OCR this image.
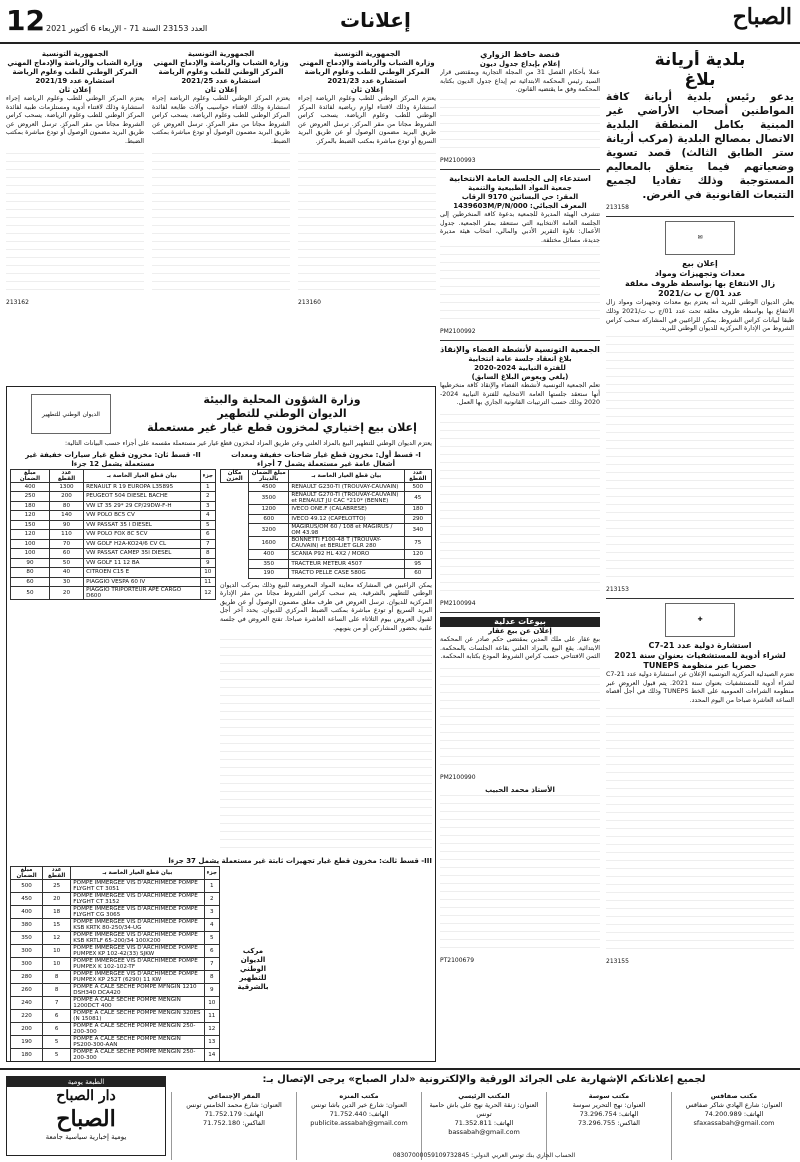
12 العدد 23153 السنة 71 - الإربعاء 6 أكتوبر 2021	إعلانات	الصباح
بلدية أريانة
بلاغ
يدعو رئيس بلدية أريانة كافة المواطنين أصحاب الأراضي غير المبنية بكامل المنطقة البلدية الاتصال بمصالح البلدية (مركب أريانة ستر الطابق الثالث) قصد تسوية وضعياتهم فيما يتعلق بالمعاليم المستوجبة وذلك تفاديا لجميع التتبعات القانونية في الغرض.
213158
✉
إعلان بيع
معدات وتجهيزات ومواد
زال الانتفاع بها بواسطة ظروف مغلقة
عدد 01/ج ب ت/2021
يعلن الديوان الوطني للبريد أنه يعتزم بيع معدات وتجهيزات ومواد زال الانتفاع بها بواسطة ظروف مغلقة تحت عدد 01/ج ب ت/2021 وذلك طبقا لبيانات كراس الشروط. يمكن للراغبين في المشاركة سحب كراس الشروط من الإدارة المركزية للديوان الوطني للبريد.
213153
✚
استشارة دولية عدد 21-C7
لشراء أدوية للمستشفيات بعنوان سنة 2021
حصريا عبر منظومة TUNEPS
تعتزم الصيدلية المركزية التونسية الإعلان عن استشارة دولية عدد 21-C7 لشراء أدوية للمستشفيات بعنوان سنة 2021. يتم قبول العروض عبر منظومة الشراءات العمومية على الخط TUNEPS وذلك في أجل أقصاه الساعة العاشرة صباحا من اليوم المحدد.
213155
قنصة حافظ الزواري
إعلام بإيداع جدول ديون
عملا بأحكام الفصل 31 من المجلة التجارية وبمقتضى قرار السيد رئيس المحكمة الابتدائية تم إيداع جدول الديون بكتابة المحكمة وفق ما يقتضيه القانون.
PM2100993
استدعاء إلى الجلسة العامة الانتخابية
جمعية المواد الطبيعية والتنمية
المقر: حي البساتين 9170 الرقاب
المعرف الجبائي: 1439603M/P/N/000
تتشرف الهيئة المديرة للجمعية بدعوة كافة المنخرطين إلى الجلسة العامة الانتخابية التي ستنعقد بمقر الجمعية. جدول الأعمال: تلاوة التقرير الأدبي والمالي، انتخاب هيئة مديرة جديدة، مسائل مختلفة.
PM2100992
الجمعية التونسية لأنشطة الفضاء والإنقاذ
بلاغ انعقاد جلسة عامة انتخابية
للفترة النيابية 2024-2020
(يلغي ويعوض البلاغ السابق)
تعلم الجمعية التونسية لأنشطة الفضاء والإنقاذ كافة منخرطيها أنها ستعقد جلستها العامة الانتخابية للفترة النيابية 2024-2020 وذلك حسب الترتيبات القانونية الجاري بها العمل.
PM2100994
بيوعات عدلية
إعلان عن بيع عقار
بيع عقار على ملك المدين بمقتضى حكم صادر عن المحكمة الابتدائية. يقع البيع بالمزاد العلني بقاعة الجلسات بالمحكمة. الثمن الافتتاحي حسب كراس الشروط المودع بكتابة المحكمة.
PM2100990
الأستاذ محمد الحبيب
PT2100679
الجمهورية التونسية
وزارة الشباب والرياضة والإدماج المهني
المركز الوطني للطب وعلوم الرياضة
استشارة عدد 2021/23
إعلان ثان
يعتزم المركز الوطني للطب وعلوم الرياضة إجراء استشارة وذلك لاقتناء لوازم رياضية لفائدة المركز الوطني للطب وعلوم الرياضة. يسحب كراس الشروط مجانا من مقر المركز. ترسل العروض عن طريق البريد مضمون الوصول أو عن طريق البريد السريع أو تودع مباشرة بمكتب الضبط بالمركز.
213160
الجمهورية التونسية
وزارة الشباب والرياضة والإدماج المهني
المركز الوطني للطب وعلوم الرياضة
استشارة عدد 2021/25
إعلان ثان
يعتزم المركز الوطني للطب وعلوم الرياضة إجراء استشارة وذلك لاقتناء حواسيب وآلات طابعة لفائدة المركز الوطني للطب وعلوم الرياضة. يسحب كراس الشروط مجانا من مقر المركز. ترسل العروض عن طريق البريد مضمون الوصول أو تودع مباشرة بمكتب الضبط.
الجمهورية التونسية
وزارة الشباب والرياضة والإدماج المهني
المركز الوطني للطب وعلوم الرياضة
استشارة عدد 2021/19
إعلان ثان
يعتزم المركز الوطني للطب وعلوم الرياضة إجراء استشارة وذلك لاقتناء أدوية ومستلزمات طبية لفائدة المركز الوطني للطب وعلوم الرياضة. يسحب كراس الشروط مجانا من مقر المركز. ترسل العروض عن طريق البريد مضمون الوصول أو تودع مباشرة بمكتب الضبط.
213162
وزارة الشؤون المحلية والبيئة
الديوان الوطني للتطهير
إعلان بيع إختياري لمخزون قطع غيار غير مستعملة
الديوان الوطني للتطهير
يعتزم الديوان الوطني للتطهير البيع بالمزاد العلني وعن طريق المزاد لمخزون قطع غيار غير مستعملة مقسمة على أجزاء حسب البيانات التالية:
I- قسط أول: مخزون قطع غيار شاحنات خفيفة ومعدات أشغال عامة غير مستعملة يشمل 7 أجزاء
عدد القطع	بيان قطع الغيار الخاصة بـ	مبلغ الضمان بالدينار	مكان الخزن
500	RENAULT G230-TI (TROUVAY-CAUVAIN)	4500	
45	RENAULT G270-TI (TROUVAY-CAUVAIN) et RENAULT JU CAC *210* (BENNE)	3500	
180	IVECO ONE.F (CALABRESE)	1200	
290	IVECO 49.12 (CAPELOTTO)	600	
340	MAGIRUS/OM 60 / 108 et MAGIRUS / OM 43.98	3200	
75	BONNETTI F100-48 T (TROUVAY-CAUVAIN) et BERLIET GLR 280	1600	
120	SCANIA P92 HL 4X2 / MORO	400	
95	TRACTEUR METEUR 4507	350	
60	TRACTO PELLE CASE 580G	190	
يمكن الراغبين في المشاركة معاينة المواد المعروضة للبيع وذلك بمركب الديوان الوطني للتطهير بالشرقية. يتم سحب كراس الشروط مجانا من مقر الإدارة المركزية للديوان. ترسل العروض في ظرف مغلق مضمون الوصول أو عن طريق البريد السريع أو تودع مباشرة بمكتب الضبط المركزي للديوان. يحدد آخر أجل لقبول العروض بيوم الثلاثاء على الساعة العاشرة صباحا. تفتح العروض في جلسة علنية بحضور المشاركين أو من ينوبهم.
II- قسط ثان: مخزون قطع غيار سيارات خفيفة غير مستعملة يشمل 12 جزءا
جزء	بيان قطع الغيار الخاصة بـ	عدد القطع	مبلغ الضمان
1	RENAULT R 19 EUROPA L35895	1300	400
2	PEUGEOT 504 DIESEL BACHE	200	250
3	VW LT 35 29* 29 CP/29DW-F-H	80	180
4	VW POLO BC5 CV	140	120
5	VW PASSAT 35 I DIESEL	90	150
6	VW POLO FOX 8C 5CV	110	120
7	VW GOLF H2A-KO24/6 CV CL	70	100
8	VW PASSAT CAMEP 35I DIESEL	60	100
9	VW GOLF 11 12 BA	50	90
10	CITROEN C15 E	40	80
11	PIAGGIO VESPA 60 IV	30	60
12	PIAGGIO TRIPORTEUR APE CARGO D600	20	50
III- قسط ثالث: مخزون قطع غيار تجهيزات ثابتة غير مستعملة يشمل 37 جزءا
جزء	بيان قطع الغيار الخاصة بـ	عدد القطع	مبلغ الضمان
1	POMPE IMMERGEE VIS D'ARCHIMEDE POMPE FLYGHT CT 3051	25	500
2	POMPE IMMERGEE VIS D'ARCHIMEDE POMPE FLYGHT CT 3152	20	450
3	POMPE IMMERGEE VIS D'ARCHIMEDE POMPE FLYGHT CG 3065	18	400
4	POMPE IMMERGEE VIS D'ARCHIMEDE POMPE KSB KRTK 80-250/34-UG	15	380
5	POMPE IMMERGEE VIS D'ARCHIMEDE POMPE KSB KRTLF 65-200/34 100X200	12	350
6	POMPE IMMERGEE VIS D'ARCHIMEDE POMPE PUMPEX KP 102-42(33) SJKW	10	300
7	POMPE IMMERGEE VIS D'ARCHIMEDE POMPE PUMPEX K 102-102-TF	10	300
8	POMPE IMMERGEE VIS D'ARCHIMEDE POMPE PUMPEX KP 252T (6290) 11 KW	8	280
9	POMPE A CALE SECHE POMPE MFNGIN 1210 DSH340 DCA420	8	260
10	POMPE A CALE SECHE POMPE MENGIN 1200DCT 400	7	240
11	POMPE A CALE SECHE POMPE MENGIN 320ES (N 15081)	6	220
12	POMPE A CALE SECHE POMPE MENGIN 250-200-300	6	200
13	POMPE A CALE SECHE POMPE MENGIN PS200-300-AAN	5	190
14	POMPE A CALE SECHE POMPE MENGIN 250-200-300	5	180

مركب الديوان الوطني للتطهير بالشرقية
لجميع إعلاناتكم الإشهارية على الجرائد الورقية والإلكترونية «لدار الصباح» يرجى الإتصال بـ:
مكتب صفاقس
العنوان: شارع الهادي شاكر صفاقس
الهاتف: 74.200.989
sfaxassabah@gmail.com
مكتب سوسة
العنوان: نهج التحرير سوسة
الهاتف: 73.296.754
الفاكس: 73.296.755
المكتب الرئيسي
العنوان: زنقة الحرية نهج علي باش حامبة تونس
الهاتف: 71.352.811
bassabah@gmail.com
مكتب المنزه
العنوان: شارع خير الدين باشا تونس
الهاتف: 71.752.440
publicite.assabah@gmail.com
المقر الإجتماعي
العنوان: شارع محمد الخامس تونس
الهاتف: 71.752.179
الفاكس: 71.752.180
الحساب الجاري بنك تونس العربي الدولي: 08307000059109732845
الطبعة يومية
دار الصباح
الصباح
يومية إخبارية سياسية جامعة
